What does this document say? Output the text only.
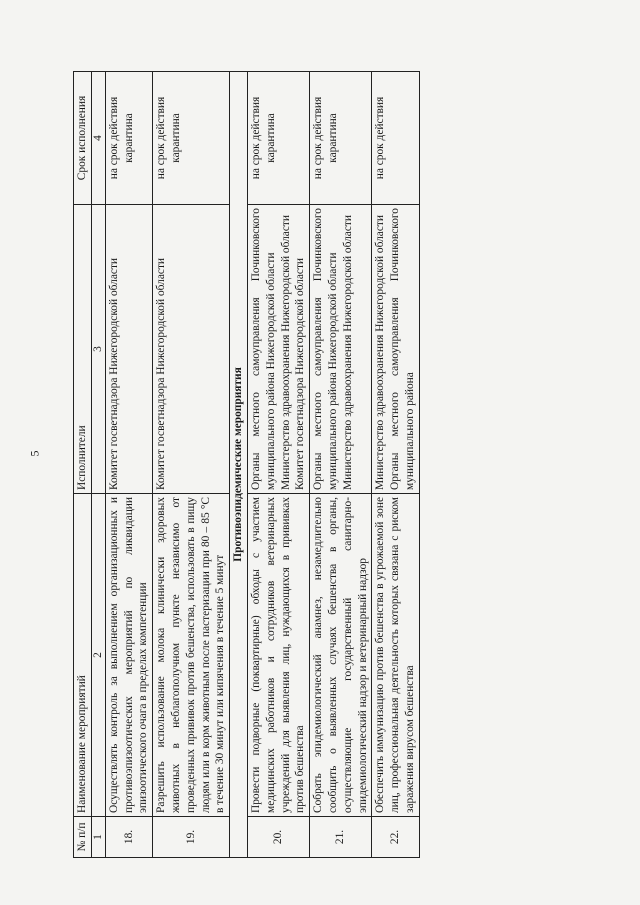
5
№ п/п	Наименование мероприятий	Исполнители	Срок исполнения
1	2	3	4
18.	Осуществлять контроль за выполнением организационных и противоэпизоотических мероприятий по ликвидации эпизоотического очага в пределах компетенции	Комитет госветнадзора Нижегородской области	на срок действия карантина
19.	Разрешить использование молока клинически здоровых животных в неблагополучном пункте независимо от проведенных прививок против бешенства, использовать в пищу людям или в корм животным после пастеризации при 80 – 85 °С в течение 30 минут или кипячения в течение 5 минут	Комитет госветнадзора Нижегородской области	на срок действия карантина
Противоэпидемические мероприятия			
20.	Провести подворные (поквартирные) обходы с участием медицинских работников и сотрудников ветеринарных учреждений для выявления лиц, нуждающихся в прививках против бешенства	Органы местного самоуправления Починковского муниципального района Нижегородской области Министерство здравоохранения Нижегородской области Комитет госветнадзора Нижегородской области	на срок действия карантина
21.	Собрать эпидемиологический анамнез, незамедлительно сообщить о выявленных случаях бешенства в органы, осуществляющие государственный санитарно-эпидемиологический надзор и ветеринарный надзор	Органы местного самоуправления Починковского муниципального района Нижегородской области Министерство здравоохранения Нижегородской области	на срок действия карантина
22.	Обеспечить иммунизацию против бешенства в угрожаемой зоне лиц, профессиональная деятельность которых связана с риском заражения вирусом бешенства	Министерство здравоохранения Нижегородской области Органы местного самоуправления Починковского муниципального района	на срок действия
